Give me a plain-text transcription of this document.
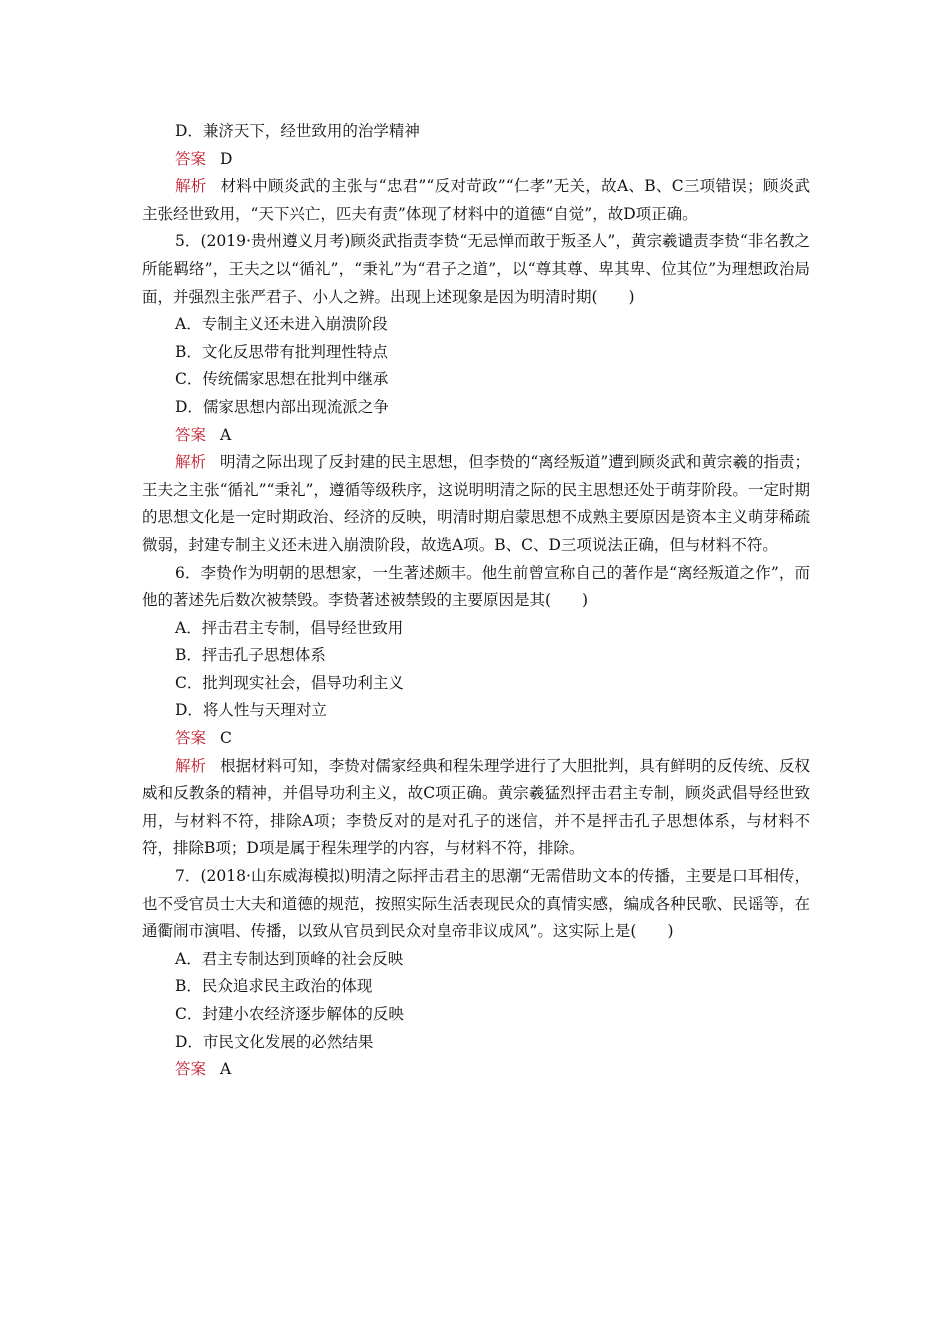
D．兼济天下，经世致用的治学精神
答案 D
解析 材料中顾炎武的主张与“忠君”“反对苛政”“仁孝”无关，故A、B、C三项错误；顾炎武主张经世致用，“天下兴亡，匹夫有责”体现了材料中的道德“自觉”，故D项正确。
5．(2019·贵州遵义月考)顾炎武指责李贽“无忌惮而敢于叛圣人”，黄宗羲谴责李贽“非名教之所能羁络”，王夫之以“循礼”，“秉礼”为“君子之道”，以“尊其尊、卑其卑、位其位”为理想政治局面，并强烈主张严君子、小人之辨。出现上述现象是因为明清时期(　　)
A．专制主义还未进入崩溃阶段
B．文化反思带有批判理性特点
C．传统儒家思想在批判中继承
D．儒家思想内部出现流派之争
答案 A
解析 明清之际出现了反封建的民主思想，但李贽的“离经叛道”遭到顾炎武和黄宗羲的指责；王夫之主张“循礼”“秉礼”，遵循等级秩序，这说明明清之际的民主思想还处于萌芽阶段。一定时期的思想文化是一定时期政治、经济的反映，明清时期启蒙思想不成熟主要原因是资本主义萌芽稀疏微弱，封建专制主义还未进入崩溃阶段，故选A项。B、C、D三项说法正确，但与材料不符。
6．李贽作为明朝的思想家，一生著述颇丰。他生前曾宣称自己的著作是“离经叛道之作”，而他的著述先后数次被禁毁。李贽著述被禁毁的主要原因是其(　　)
A．抨击君主专制，倡导经世致用
B．抨击孔子思想体系
C．批判现实社会，倡导功利主义
D．将人性与天理对立
答案 C
解析 根据材料可知，李贽对儒家经典和程朱理学进行了大胆批判，具有鲜明的反传统、反权威和反教条的精神，并倡导功利主义，故C项正确。黄宗羲猛烈抨击君主专制，顾炎武倡导经世致用，与材料不符，排除A项；李贽反对的是对孔子的迷信，并不是抨击孔子思想体系，与材料不符，排除B项；D项是属于程朱理学的内容，与材料不符，排除。
7．(2018·山东威海模拟)明清之际抨击君主的思潮“无需借助文本的传播，主要是口耳相传，也不受官员士大夫和道德的规范，按照实际生活表现民众的真情实感，编成各种民歌、民谣等，在通衢闹市演唱、传播，以致从官员到民众对皇帝非议成风”。这实际上是(　　)
A．君主专制达到顶峰的社会反映
B．民众追求民主政治的体现
C．封建小农经济逐步解体的反映
D．市民文化发展的必然结果
答案 A
